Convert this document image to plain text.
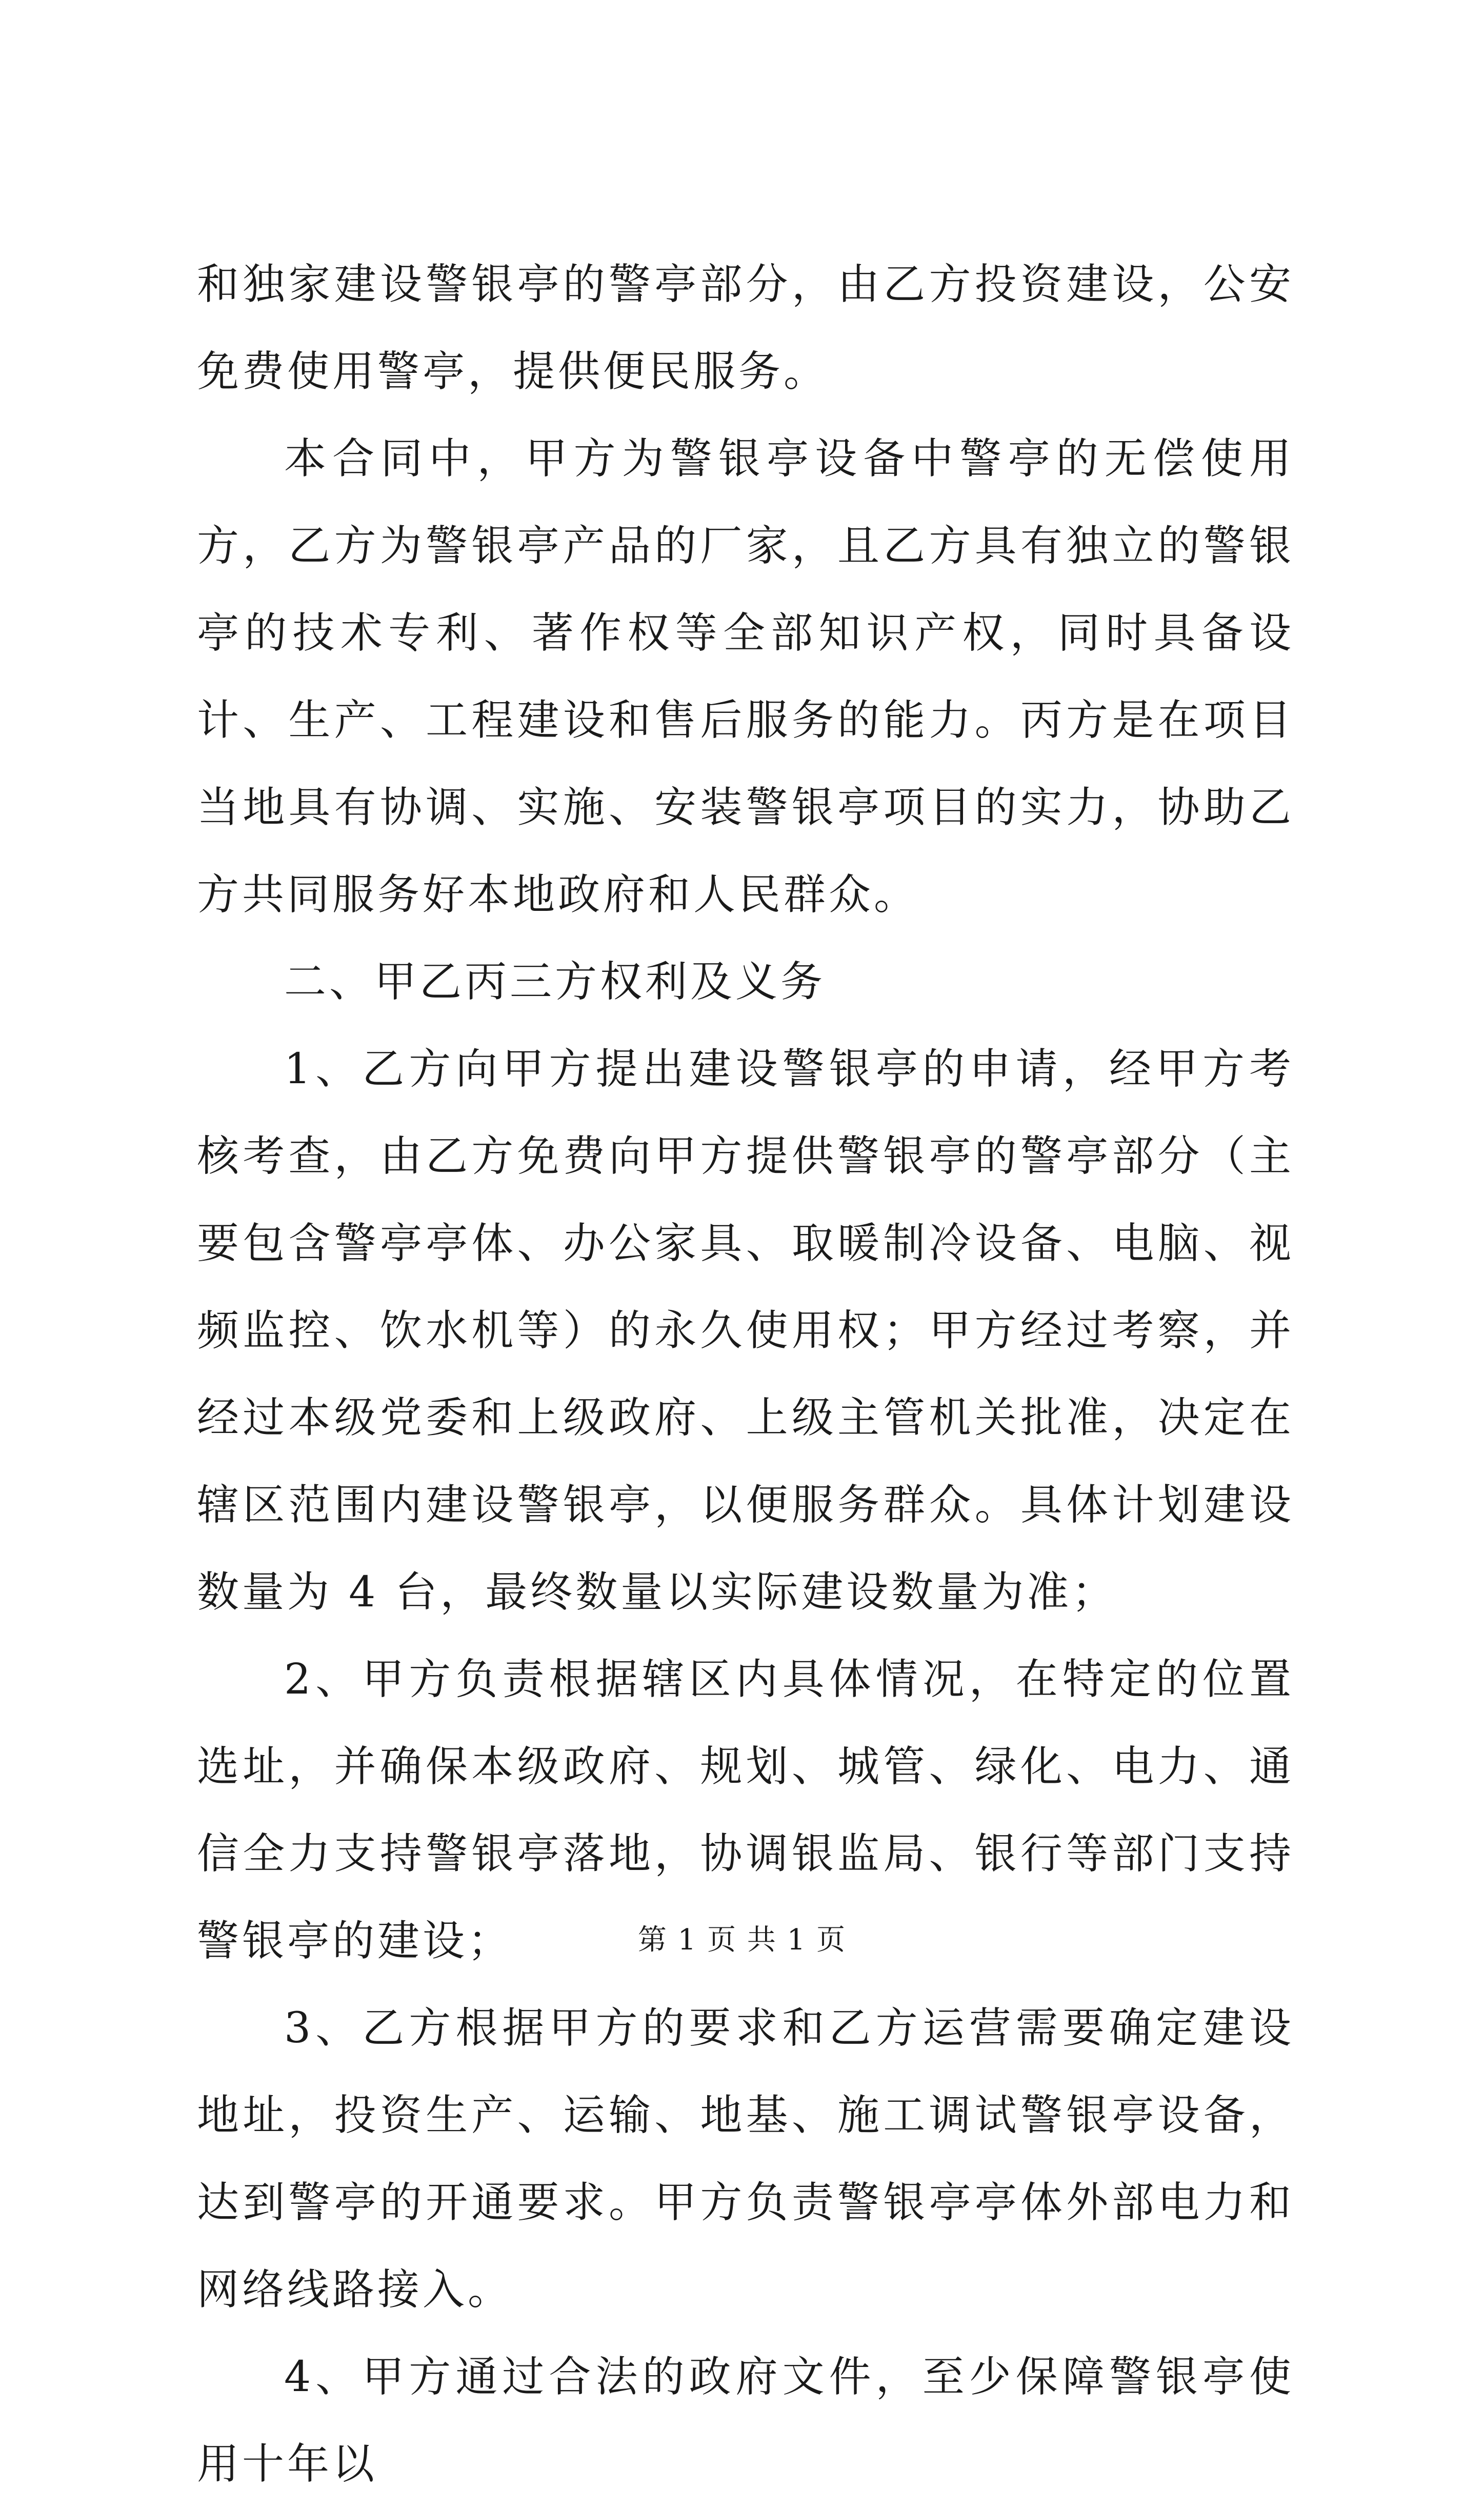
和独家建设警银亭的警亭部分，由乙方投资建设，公安免费使用警亭，提供便民服务。

本合同中，甲方为警银亭设备中警亭的无偿使用方，乙方为警银亭产品的厂家，且乙方具有独立的警银亭的技术专利、著作权等全部知识产权，同时具备设计、生产、工程建设和售后服务的能力。丙方是在项目当地具有协调、实施、安装警银亭项目的实力，协助乙方共同服务好本地政府和人民群众。

二、甲乙丙三方权利及义务

1、乙方向甲方提出建设警银亭的申请，经甲方考核考查，由乙方免费向甲方提供警银亭的警亭部分（主要包含警亭亭体、办公家具、取暖制冷设备、电脑、视频监控、饮水机等）的永久使用权；甲方经过考察，并经过本级党委和上级政府、上级主管机关批准，决定在辖区范围内建设警银亭，以便服务群众。具体计划建设数量为 4 台，最终数量以实际建设数量为准；

2、甲方负责根据辖区内具体情况，在特定的位置选址，并确保本级政府、规划、城管、绿化、电力、通信全力支持警银亭落地，协调银监局、银行等部门支持警银亭的建设；

3、乙方根据甲方的要求和乙方运营需要确定建设地址，投资生产、运输、地基、施工调试警银亭设备，达到警亭的开通要求。甲方负责警银亭亭体外部电力和网络线路接入。

4、甲方通过合法的政府文件，至少保障警银亭使用十年以

第 1 页 共 1 页
